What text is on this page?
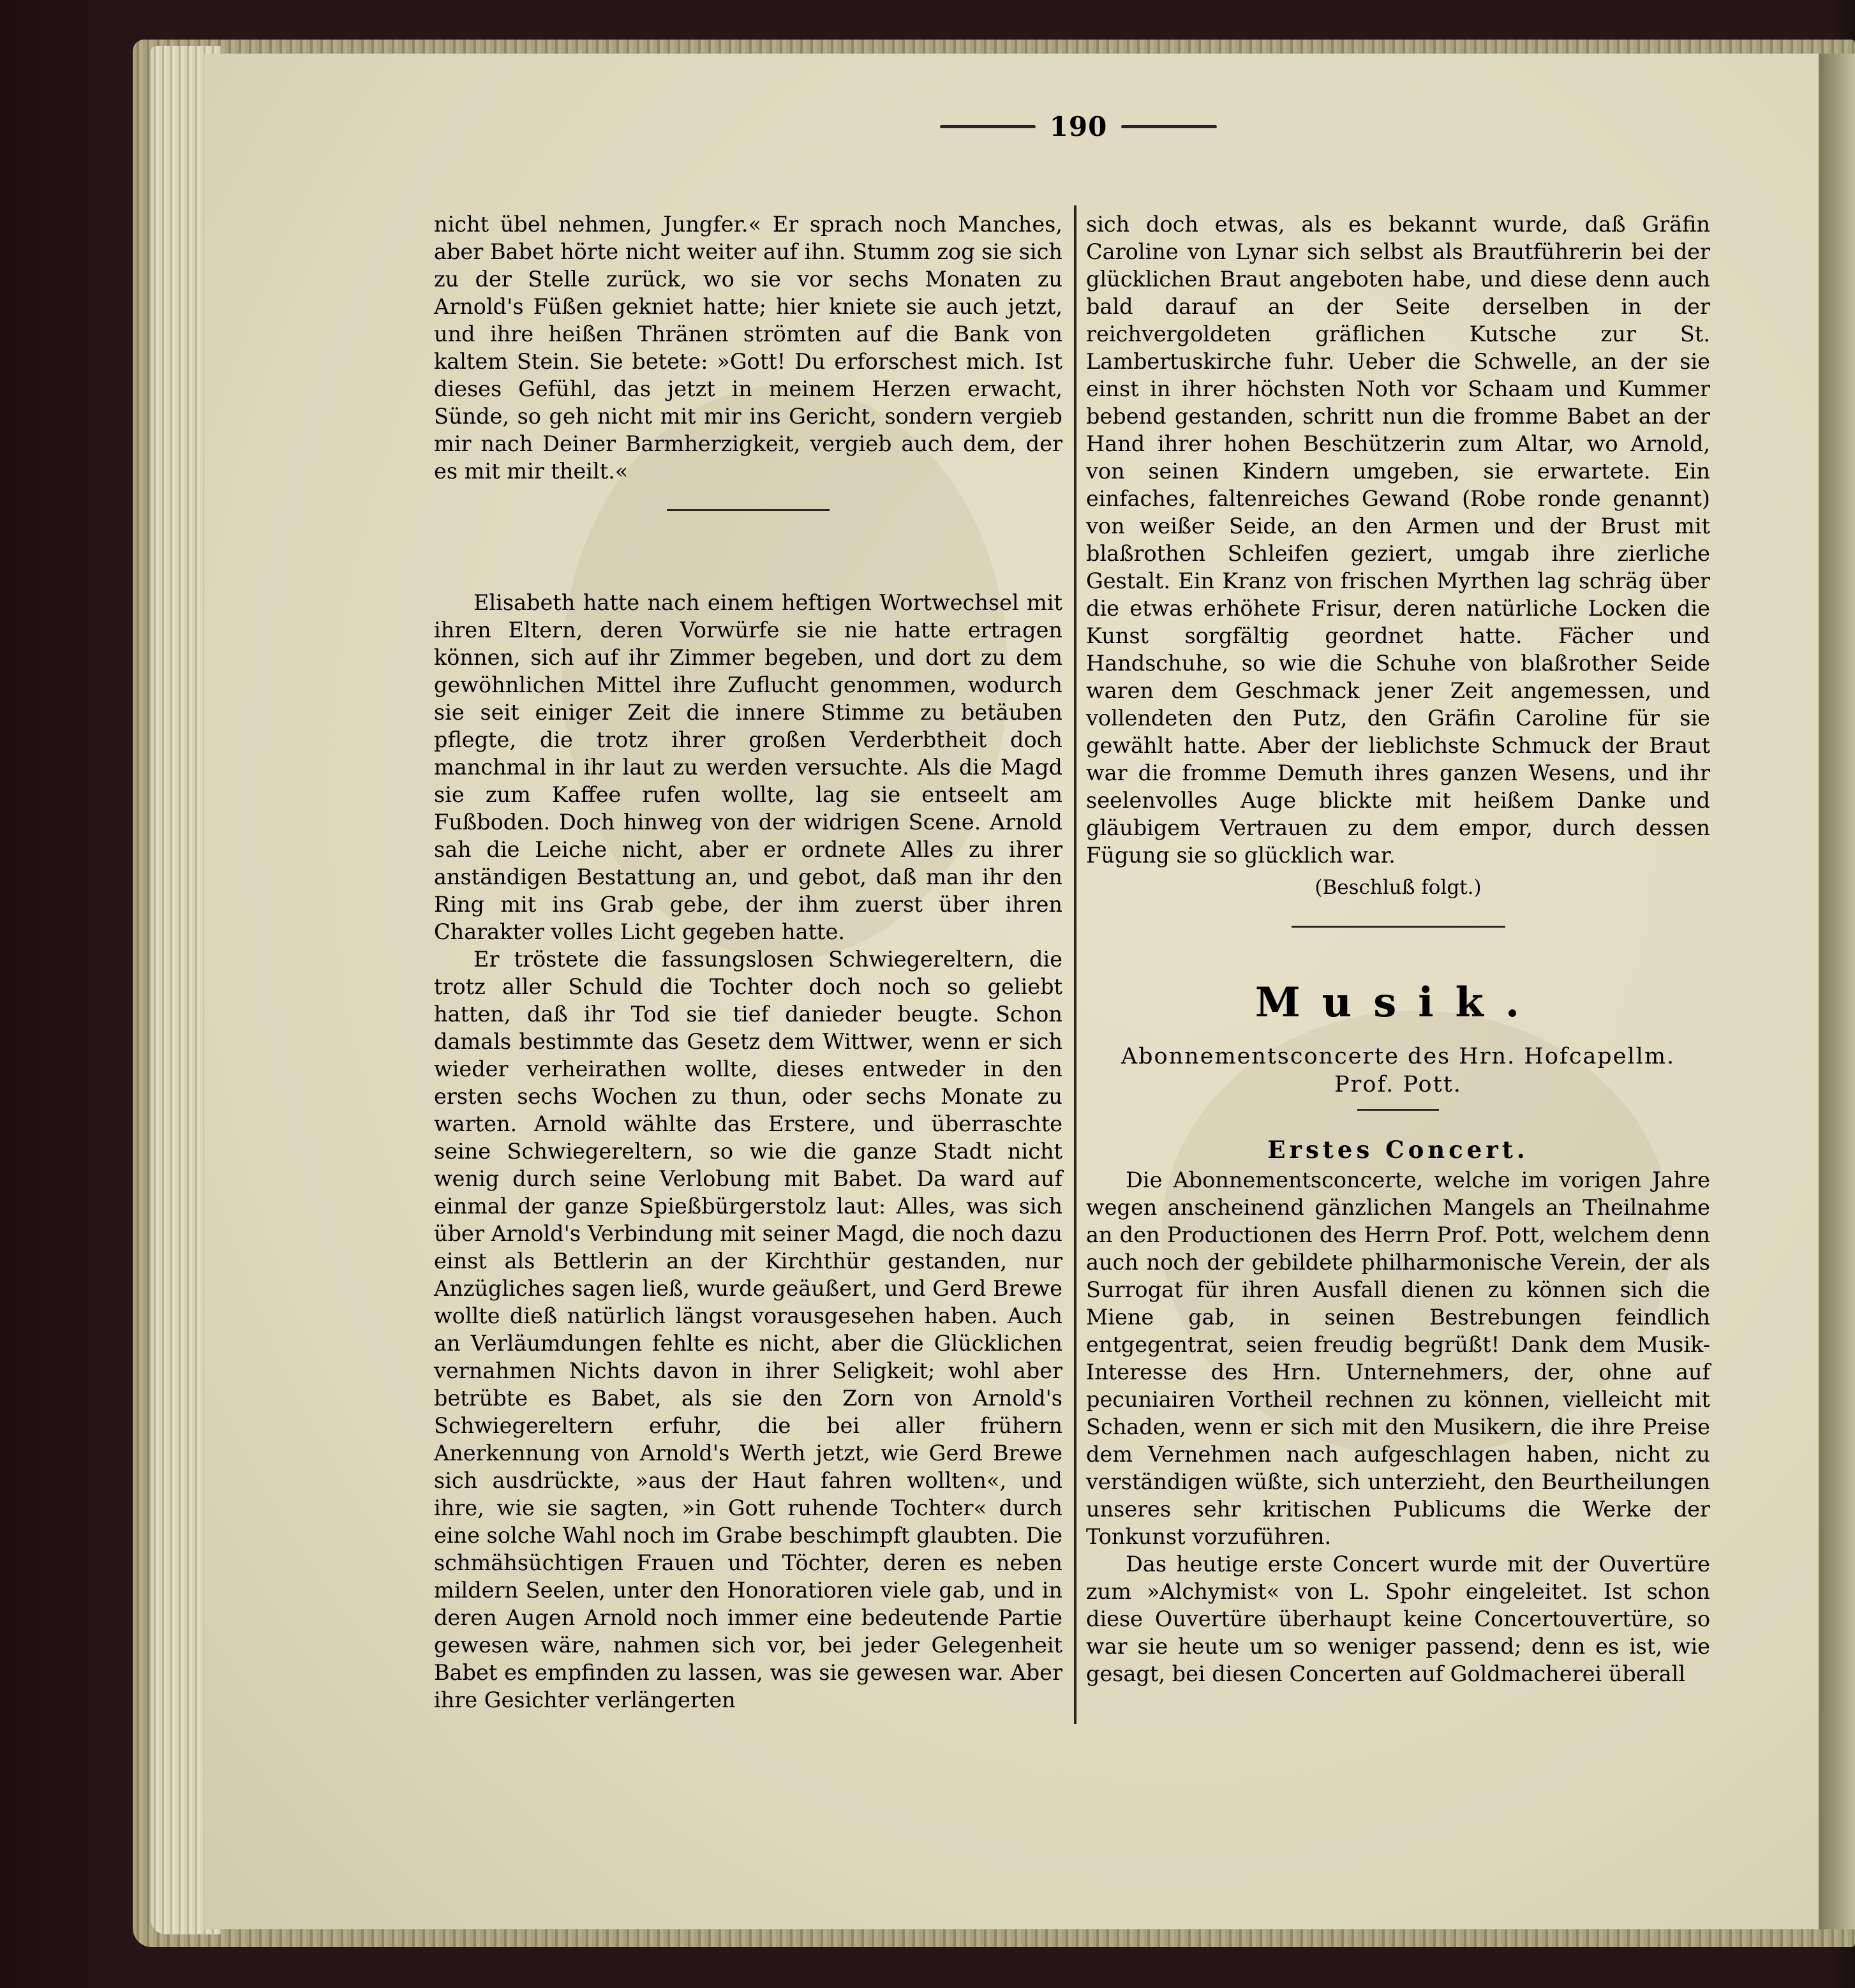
190

nicht übel nehmen, Jungfer.« Er sprach noch Manches, aber Babet hörte nicht weiter auf ihn. Stumm zog sie sich zu der Stelle zurück, wo sie vor sechs Monaten zu Arnold's Füßen gekniet hatte; hier kniete sie auch jetzt, und ihre heißen Thränen strömten auf die Bank von kaltem Stein. Sie betete: »Gott! Du erforschest mich. Ist dieses Gefühl, das jetzt in meinem Herzen erwacht, Sünde, so geh nicht mit mir ins Gericht, sondern vergieb mir nach Deiner Barmherzigkeit, vergieb auch dem, der es mit mir theilt.«

Elisabeth hatte nach einem heftigen Wortwechsel mit ihren Eltern, deren Vorwürfe sie nie hatte ertragen können, sich auf ihr Zimmer begeben, und dort zu dem gewöhnlichen Mittel ihre Zuflucht genommen, wodurch sie seit einiger Zeit die innere Stimme zu betäuben pflegte, die trotz ihrer großen Verderbtheit doch manchmal in ihr laut zu werden versuchte. Als die Magd sie zum Kaffee rufen wollte, lag sie entseelt am Fußboden. Doch hinweg von der widrigen Scene. Arnold sah die Leiche nicht, aber er ordnete Alles zu ihrer anständigen Bestattung an, und gebot, daß man ihr den Ring mit ins Grab gebe, der ihm zuerst über ihren Charakter volles Licht gegeben hatte.

Er tröstete die fassungslosen Schwiegereltern, die trotz aller Schuld die Tochter doch noch so geliebt hatten, daß ihr Tod sie tief danieder beugte. Schon damals bestimmte das Gesetz dem Wittwer, wenn er sich wieder verheirathen wollte, dieses entweder in den ersten sechs Wochen zu thun, oder sechs Monate zu warten. Arnold wählte das Erstere, und überraschte seine Schwiegereltern, so wie die ganze Stadt nicht wenig durch seine Verlobung mit Babet. Da ward auf einmal der ganze Spießbürgerstolz laut: Alles, was sich über Arnold's Verbindung mit seiner Magd, die noch dazu einst als Bettlerin an der Kirchthür gestanden, nur Anzügliches sagen ließ, wurde geäußert, und Gerd Brewe wollte dieß natürlich längst vorausgesehen haben. Auch an Verläumdungen fehlte es nicht, aber die Glücklichen vernahmen Nichts davon in ihrer Seligkeit; wohl aber betrübte es Babet, als sie den Zorn von Arnold's Schwiegereltern erfuhr, die bei aller frühern Anerkennung von Arnold's Werth jetzt, wie Gerd Brewe sich ausdrückte, »aus der Haut fahren wollten«, und ihre, wie sie sagten, »in Gott ruhende Tochter« durch eine solche Wahl noch im Grabe beschimpft glaubten. Die schmähsüchtigen Frauen und Töchter, deren es neben mildern Seelen, unter den Honoratioren viele gab, und in deren Augen Arnold noch immer eine bedeutende Partie gewesen wäre, nahmen sich vor, bei jeder Gelegenheit Babet es empfinden zu lassen, was sie gewesen war. Aber ihre Gesichter verlängerten

sich doch etwas, als es bekannt wurde, daß Gräfin Caroline von Lynar sich selbst als Brautführerin bei der glücklichen Braut angeboten habe, und diese denn auch bald darauf an der Seite derselben in der reichvergoldeten gräflichen Kutsche zur St. Lambertuskirche fuhr. Ueber die Schwelle, an der sie einst in ihrer höchsten Noth vor Schaam und Kummer bebend gestanden, schritt nun die fromme Babet an der Hand ihrer hohen Beschützerin zum Altar, wo Arnold, von seinen Kindern umgeben, sie erwartete. Ein einfaches, faltenreiches Gewand (Robe ronde genannt) von weißer Seide, an den Armen und der Brust mit blaßrothen Schleifen geziert, umgab ihre zierliche Gestalt. Ein Kranz von frischen Myrthen lag schräg über die etwas erhöhete Frisur, deren natürliche Locken die Kunst sorgfältig geordnet hatte. Fächer und Handschuhe, so wie die Schuhe von blaßrother Seide waren dem Geschmack jener Zeit angemessen, und vollendeten den Putz, den Gräfin Caroline für sie gewählt hatte. Aber der lieblichste Schmuck der Braut war die fromme Demuth ihres ganzen Wesens, und ihr seelenvolles Auge blickte mit heißem Danke und gläubigem Vertrauen zu dem empor, durch dessen Fügung sie so glücklich war.

(Beschluß folgt.)

Musik.
Abonnementsconcerte des Hrn. Hofcapellm.
Prof. Pott.
Erstes Concert.

Die Abonnementsconcerte, welche im vorigen Jahre wegen anscheinend gänzlichen Mangels an Theilnahme an den Productionen des Herrn Prof. Pott, welchem denn auch noch der gebildete philharmonische Verein, der als Surrogat für ihren Ausfall dienen zu können sich die Miene gab, in seinen Bestrebungen feindlich entgegentrat, seien freudig begrüßt! Dank dem Musik-Interesse des Hrn. Unternehmers, der, ohne auf pecuniairen Vortheil rechnen zu können, vielleicht mit Schaden, wenn er sich mit den Musikern, die ihre Preise dem Vernehmen nach aufgeschlagen haben, nicht zu verständigen wüßte, sich unterzieht, den Beurtheilungen unseres sehr kritischen Publicums die Werke der Tonkunst vorzuführen.

Das heutige erste Concert wurde mit der Ouvertüre zum »Alchymist« von L. Spohr eingeleitet. Ist schon diese Ouvertüre überhaupt keine Concertouvertüre, so war sie heute um so weniger passend; denn es ist, wie gesagt, bei diesen Concerten auf Goldmacherei überall
